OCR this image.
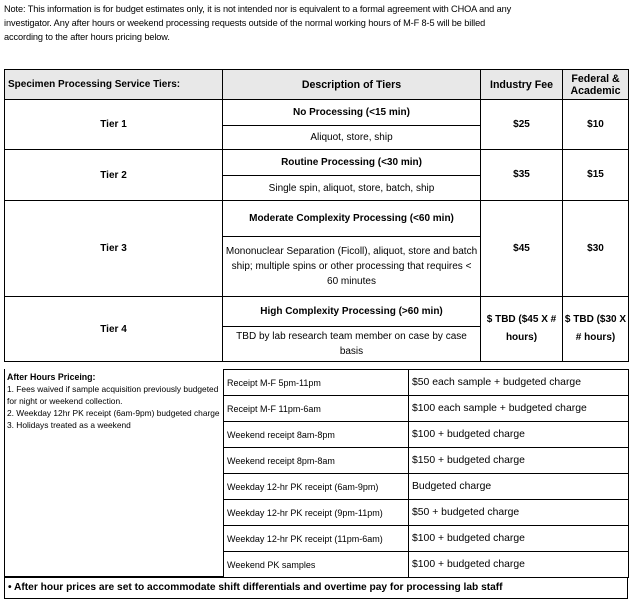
Note: This information is for budget estimates only, it is not intended nor is equivalent to a formal agreement with CHOA and any
investigator. Any after hours or weekend processing requests outside of the normal working hours of M-F 8-5 will be billed
according to the after hours pricing below.
Specimen Processing Service Tiers:	Description of Tiers	Industry Fee	Federal & Academic
Tier 1	No Processing (<15 min)	$25	$10
	Aliquot, store, ship		
Tier 2	Routine Processing (<30 min)	$35	$15
	Single spin, aliquot, store, batch, ship		
Tier 3	Moderate Complexity Processing (<60 min)	$45	$30
	Mononuclear Separation (Ficoll), aliquot, store and batch ship; multiple spins or other processing that requires < 60 minutes		
Tier 4	High Complexity Processing (>60 min)	$ TBD ($45 X # hours)	$ TBD ($30 X # hours)
	TBD by lab research team member on case by case basis		
After Hours Priceing:
1. Fees waived if sample acquisition previously budgeted for night or weekend collection.
2. Weekday 12hr PK receipt (6am-9pm) budgeted charge
3. Holidays treated as a weekend
Receipt M-F 5pm-11pm	$50 each sample + budgeted charge
Receipt M-F 11pm-6am	$100 each sample + budgeted charge
Weekend receipt 8am-8pm	$100 + budgeted charge
Weekend receipt 8pm-8am	$150 + budgeted charge
Weekday 12-hr PK receipt (6am-9pm)	Budgeted charge
Weekday 12-hr PK receipt (9pm-11pm)	$50 + budgeted charge
Weekday 12-hr PK receipt (11pm-6am)	$100 + budgeted charge
Weekend PK samples	$100 + budgeted charge
• After hour prices are set to accommodate shift differentials and overtime pay for processing lab staff
